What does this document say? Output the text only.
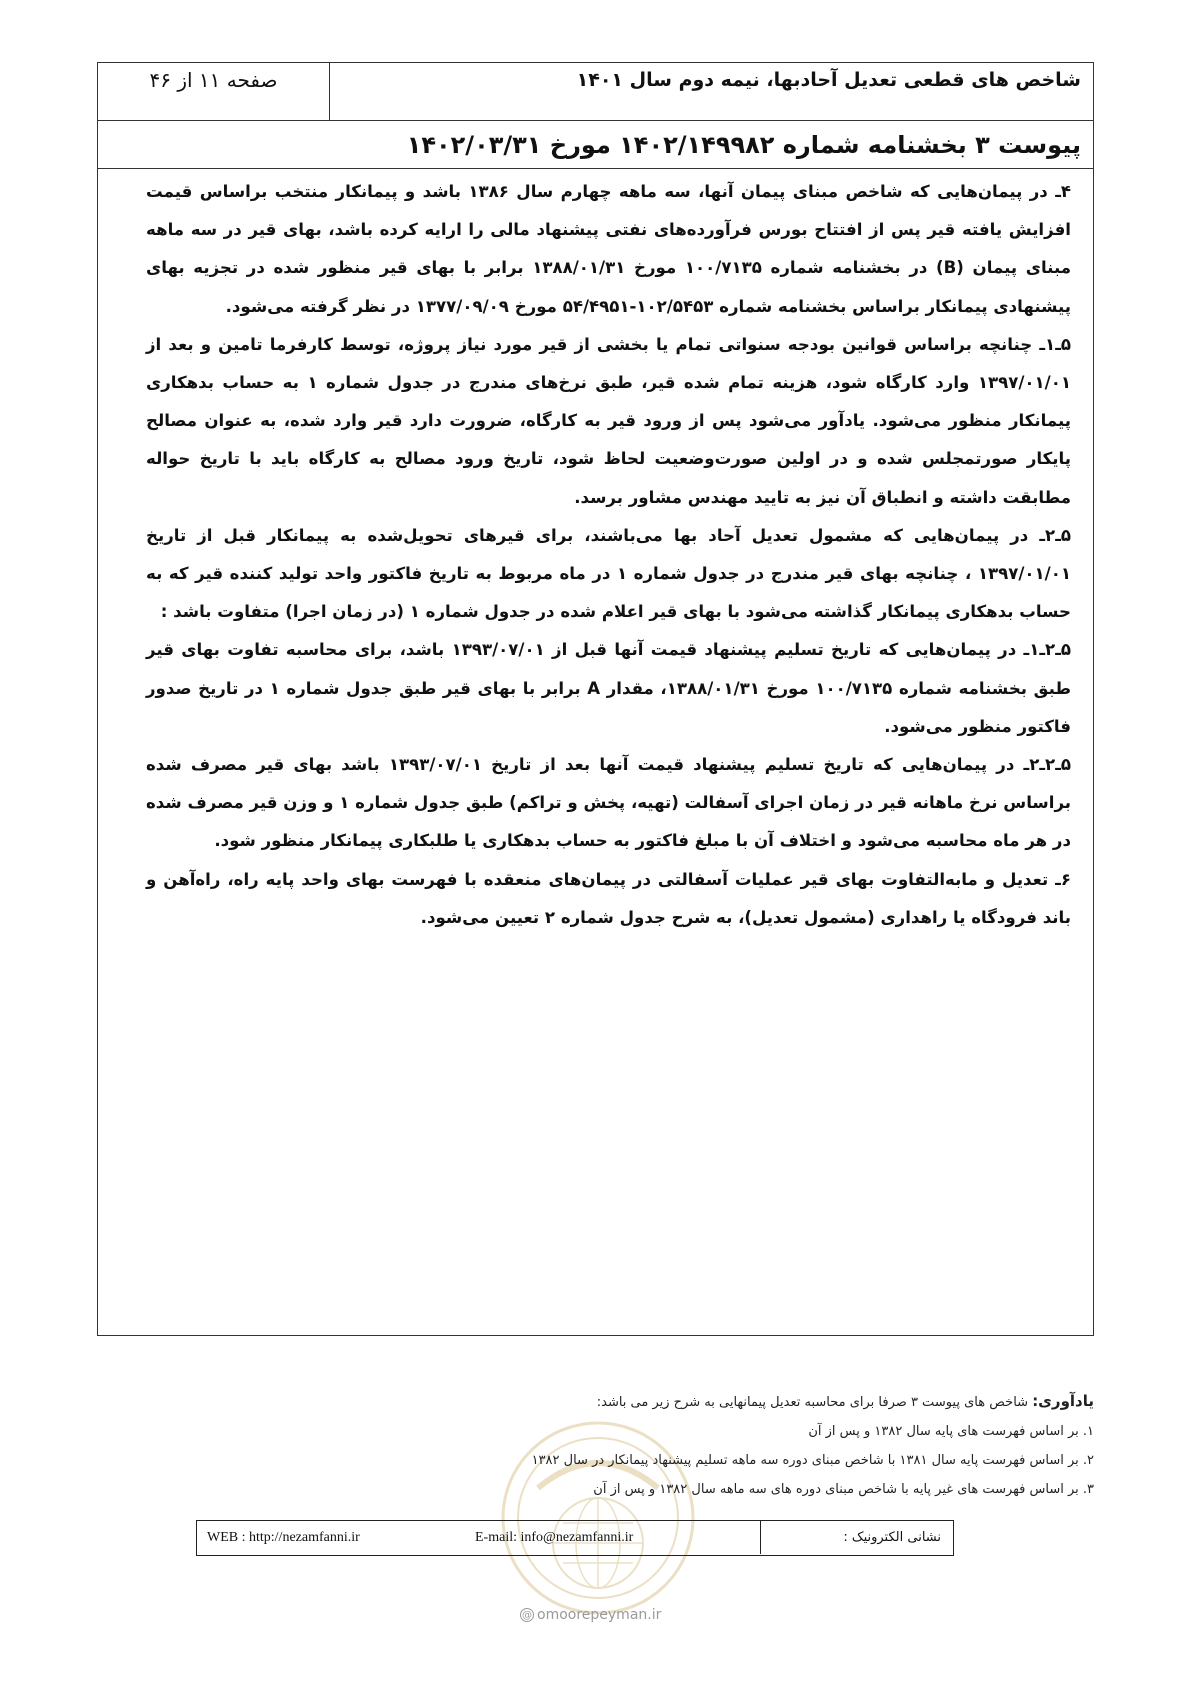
شاخص های قطعی تعدیل آحادبها، نیمه دوم سال ۱۴۰۱
صفحه ۱۱ از ۴۶
پیوست ۳ بخشنامه شماره ۱۴۰۲/۱۴۹۹۸۲ مورخ ۱۴۰۲/۰۳/۳۱

۴ـ در پیمان‌هایی که شاخص مبنای پیمان آنها، سه ماهه چهارم سال ۱۳۸۶ باشد و پیمانکار منتخب براساس قیمت افزایش یافته قیر پس از افتتاح بورس فرآورده‌های نفتی پیشنهاد مالی را ارایه کرده باشد، بهای قیر در سه ماهه مبنای پیمان (B) در بخشنامه شماره ۱۰۰/۷۱۳۵ مورخ ۱۳۸۸/۰۱/۳۱ برابر با بهای قیر منظور شده در تجزیه بهای پیشنهادی پیمانکار براساس بخشنامه شماره ۱۰۲/۵۴۵۳-۵۴/۴۹۵۱ مورخ ۱۳۷۷/۰۹/۰۹ در نظر گرفته می‌شود.

۵ـ۱ـ چنانچه براساس قوانین بودجه سنواتی تمام یا بخشی از قیر مورد نیاز پروژه، توسط کارفرما تامین و بعد از ۱۳۹۷/۰۱/۰۱ وارد کارگاه شود، هزینه تمام شده قیر، طبق نرخ‌های مندرج در جدول شماره ۱ به حساب بدهکاری پیمانکار منظور می‌شود. یادآور می‌شود پس از ورود قیر به کارگاه، ضرورت دارد قیر وارد شده، به عنوان مصالح پایکار صورتمجلس شده و در اولین صورت‌وضعیت لحاظ شود، تاریخ ورود مصالح به کارگاه باید با تاریخ حواله مطابقت داشته و انطباق آن نیز به تایید مهندس مشاور برسد.

۵ـ۲ـ در پیمان‌هایی که مشمول تعدیل آحاد بها می‌باشند، برای قیرهای تحویل‌شده به پیمانکار قبل از تاریخ ۱۳۹۷/۰۱/۰۱ ، چنانچه بهای قیر مندرج در جدول شماره ۱ در ماه مربوط به تاریخ فاکتور واحد تولید کننده قیر که به حساب بدهکاری پیمانکار گذاشته می‌شود با بهای قیر اعلام شده در جدول شماره ۱ (در زمان اجرا) متفاوت باشد :

۵ـ۲ـ۱ـ در پیمان‌هایی که تاریخ تسلیم پیشنهاد قیمت آنها قبل از ۱۳۹۳/۰۷/۰۱ باشد، برای محاسبه تفاوت بهای قیر طبق بخشنامه شماره ۱۰۰/۷۱۳۵ مورخ ۱۳۸۸/۰۱/۳۱، مقدار A برابر با بهای قیر طبق جدول شماره ۱ در تاریخ صدور فاکتور منظور می‌شود.

۵ـ۲ـ۲ـ در پیمان‌هایی که تاریخ تسلیم پیشنهاد قیمت آنها بعد از تاریخ ۱۳۹۳/۰۷/۰۱ باشد بهای قیر مصرف شده براساس نرخ ماهانه قیر در زمان اجرای آسفالت (تهیه، پخش و تراکم) طبق جدول شماره ۱ و وزن قیر مصرف شده در هر ماه محاسبه می‌شود و اختلاف آن با مبلغ فاکتور به حساب بدهکاری یا طلبکاری پیمانکار منظور شود.

۶ـ تعدیل و مابه‌التفاوت بهای قیر عملیات آسفالتی در پیمان‌های منعقده با فهرست بهای واحد پایه راه، راه‌آهن و باند فرودگاه یا راهداری (مشمول تعدیل)، به شرح جدول شماره ۲ تعیین می‌شود.

یادآوری: شاخص های پیوست ۳ صرفا برای محاسبه تعدیل پیمانهایی به شرح زیر می باشد:
۱. بر اساس فهرست های پایه سال ۱۳۸۲ و پس از آن
۲. بر اساس فهرست پایه سال ۱۳۸۱ با شاخص مبنای دوره سه ماهه تسلیم پیشنهاد پیمانکار در سال ۱۳۸۲
۳. بر اساس فهرست های غیر پایه با شاخص مبنای دوره های سه ماهه سال ۱۳۸۲ و پس از آن
نشانی الکترونیک :
E-mail: info@nezamfanni.ir
WEB : http://nezamfanni.ir
@ omoorepeyman.ir
